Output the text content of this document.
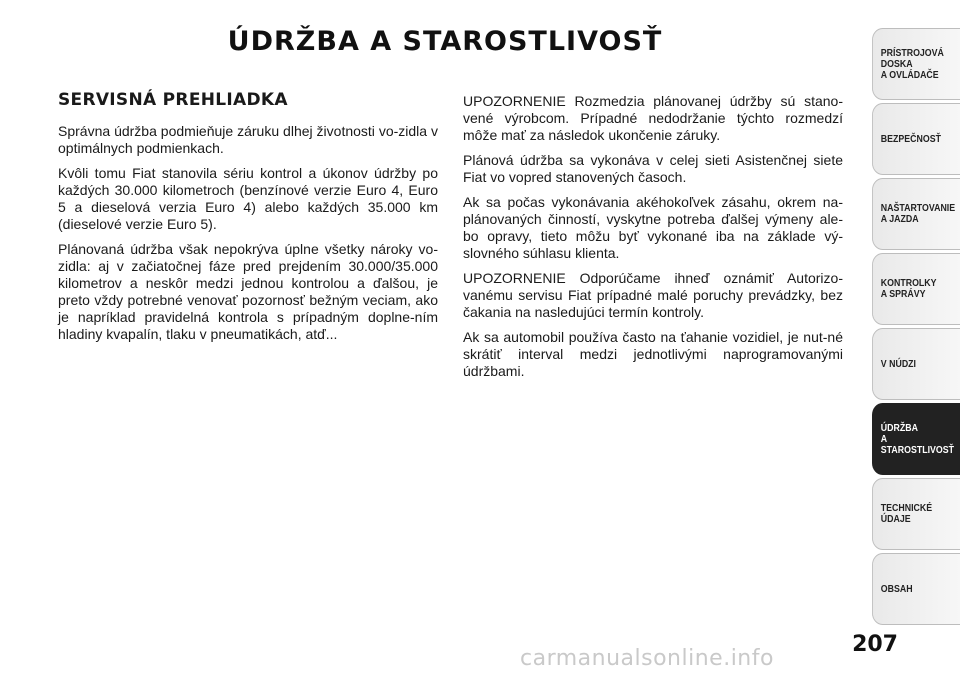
ÚDRŽBA A STAROSTLIVOSŤ
SERVISNÁ PREHLIADKA

Správna údržba podmieňuje záruku dlhej životnosti vo-zidla v optimálnych podmienkach.

Kvôli tomu Fiat stanovila sériu kontrol a úkonov údržby po každých 30.000 kilometroch (benzínové verzie Euro 4, Euro 5 a dieselová verzia Euro 4) alebo každých 35.000 km (dieselové verzie Euro 5).

Plánovaná údržba však nepokrýva úplne všetky nároky vo-zidla: aj v začiatočnej fáze pred prejdením 30.000/35.000 kilometrov a neskôr medzi jednou kontrolou a ďalšou, je preto vždy potrebné venovať pozornosť bežným veciam, ako je napríklad pravidelná kontrola s prípadným doplne-ním hladiny kvapalín, tlaku v pneumatikách, atď...

UPOZORNENIE Rozmedzia plánovanej údržby sú stano-vené výrobcom. Prípadné nedodržanie týchto rozmedzí môže mať za následok ukončenie záruky.

Plánová údržba sa vykonáva v celej sieti Asistenčnej siete Fiat vo vopred stanovených časoch.

Ak sa počas vykonávania akéhokoľvek zásahu, okrem na-plánovaných činností, vyskytne potreba ďalšej výmeny ale-bo opravy, tieto môžu byť vykonané iba na základe vý-slovného súhlasu klienta.

UPOZORNENIE Odporúčame ihneď oznámiť Autorizo-vanému servisu Fiat prípadné malé poruchy prevádzky, bez čakania na nasledujúci termín kontroly.

Ak sa automobil používa často na ťahanie vozidiel, je nut-né skrátiť interval medzi jednotlivými naprogramovanými údržbami.

PRÍSTROJOVÁ
DOSKA
A OVLÁDAČE
BEZPEČNOSŤ
NAŠTARTOVANIE
A JAZDA
KONTROLKY
A SPRÁVY
V NÚDZI
ÚDRŽBA
A STAROSTLIVOSŤ
TECHNICKÉ ÚDAJE
OBSAH
207
carmanualsonline.info
